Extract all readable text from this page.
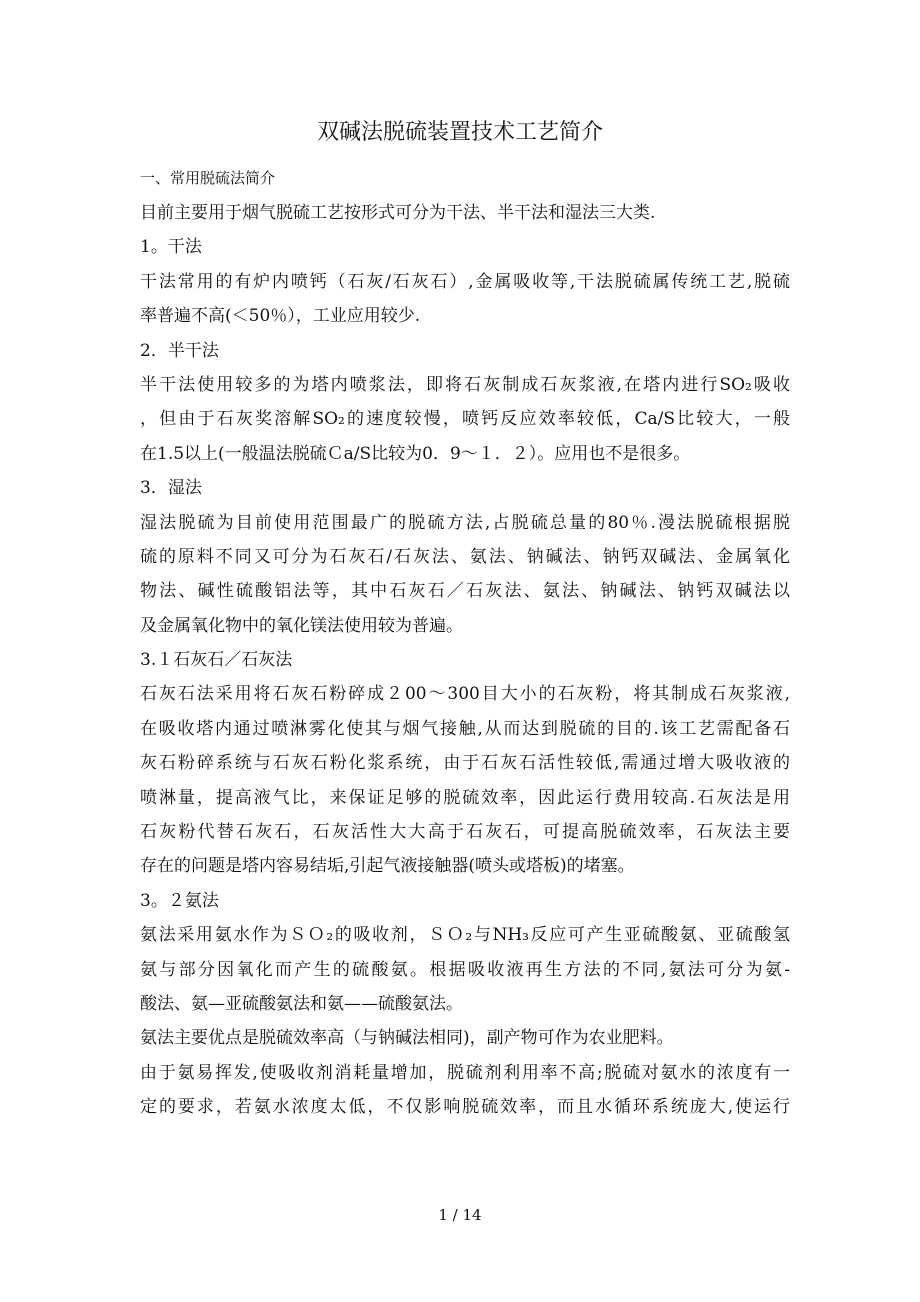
双碱法脱硫装置技术工艺简介
一、常用脱硫法简介
目前主要用于烟气脱硫工艺按形式可分为干法、半干法和湿法三大类.
1。干法
干法常用的有炉内喷钙（石灰/石灰石）,金属吸收等,干法脱硫属传统工艺,脱硫
率普遍不高(＜50％），工业应用较少.
2．半干法
半干法使用较多的为塔内喷浆法，即将石灰制成石灰浆液,在塔内进行SO₂吸收
，但由于石灰奖溶解SO₂的速度较慢，喷钙反应效率较低，Ca/S比较大，一般
在1.5以上(一般温法脱硫Ｃa/S比较为0．9～１．２）。应用也不是很多。
3．湿法
湿法脱硫为目前使用范围最广的脱硫方法,占脱硫总量的80％.漫法脱硫根据脱
硫的原料不同又可分为石灰石/石灰法、氨法、钠碱法、钠钙双碱法、金属氧化
物法、碱性硫酸铝法等，其中石灰石／石灰法、氨法、钠碱法、钠钙双碱法以
及金属氧化物中的氧化镁法使用较为普遍。
3.１石灰石／石灰法
石灰石法采用将石灰石粉碎成２00～300目大小的石灰粉，将其制成石灰浆液,
在吸收塔内通过喷淋雾化使其与烟气接触,从而达到脱硫的目的.该工艺需配备石
灰石粉碎系统与石灰石粉化浆系统，由于石灰石活性较低,需通过增大吸收液的
喷淋量，提高液气比，来保证足够的脱硫效率，因此运行费用较高.石灰法是用
石灰粉代替石灰石，石灰活性大大高于石灰石，可提高脱硫效率，石灰法主要
存在的问题是塔内容易结垢,引起气液接触器(喷头或塔板)的堵塞。
3。２氨法
氨法采用氨水作为ＳＯ₂的吸收剂，ＳＯ₂与NH₃反应可产生亚硫酸氨、亚硫酸氢
氨与部分因氧化而产生的硫酸氨。根据吸收液再生方法的不同,氨法可分为氨-
酸法、氨—亚硫酸氨法和氨——硫酸氨法。
氨法主要优点是脱硫效率高（与钠碱法相同)，副产物可作为农业肥料。
由于氨易挥发,使吸收剂消耗量增加，脱硫剂利用率不高;脱硫对氨水的浓度有一
定的要求，若氨水浓度太低，不仅影响脱硫效率，而且水循环系统庞大,使运行
1 / 14
